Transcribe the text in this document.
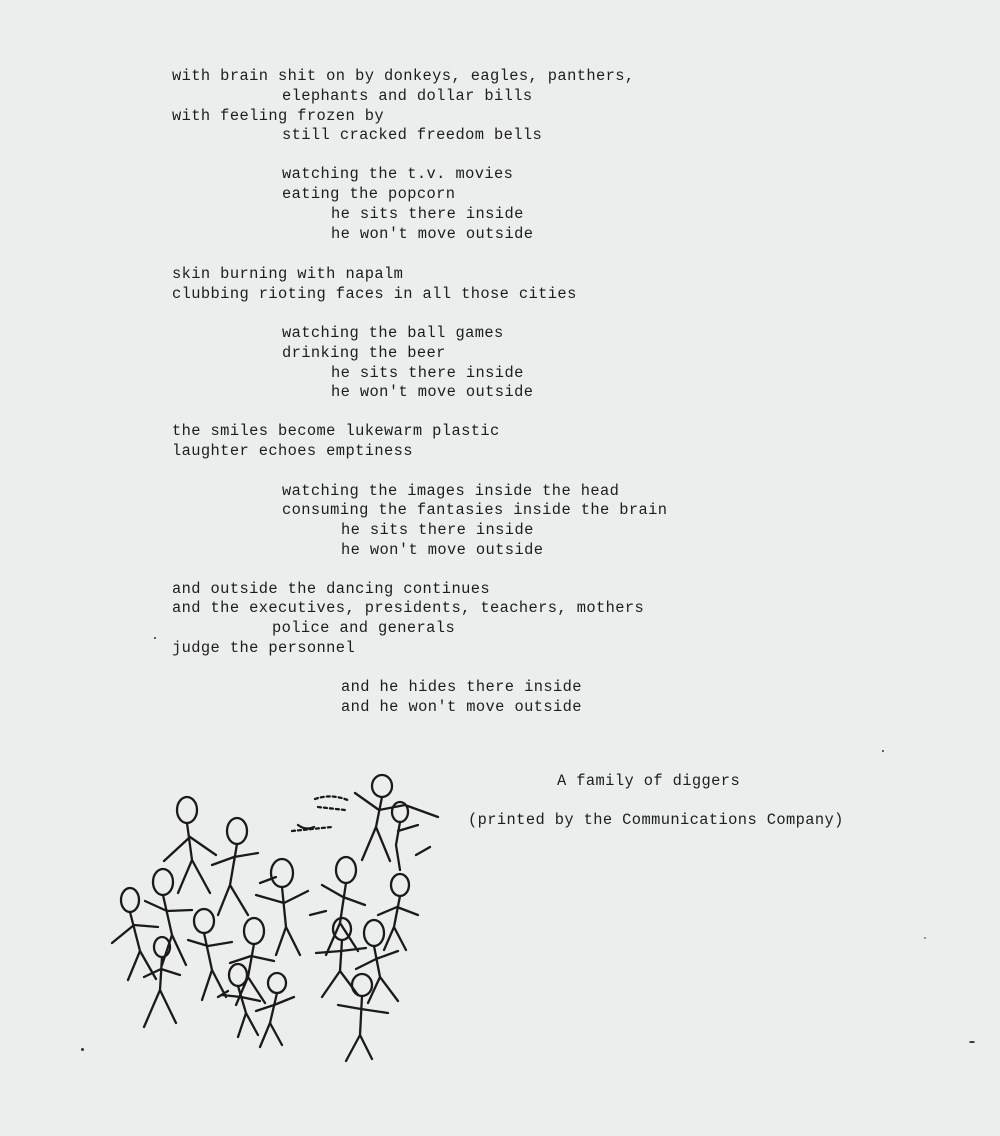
with brain shit on by donkeys, eagles, panthers,
elephants and dollar bills
with feeling frozen by
still cracked freedom bells
watching the t.v. movies
eating the popcorn
he sits there inside
he won't move outside
skin burning with napalm
clubbing rioting faces in all those cities
watching the ball games
drinking the beer
he sits there inside
he won't move outside
the smiles become lukewarm plastic
laughter echoes emptiness
watching the images inside the head
consuming the fantasies inside the brain
he sits there inside
he won't move outside
and outside the dancing continues
and the executives, presidents, teachers, mothers
police and generals
judge the personnel
and he hides there inside
and he won't move outside
A family of diggers
(printed by the Communications Company)
